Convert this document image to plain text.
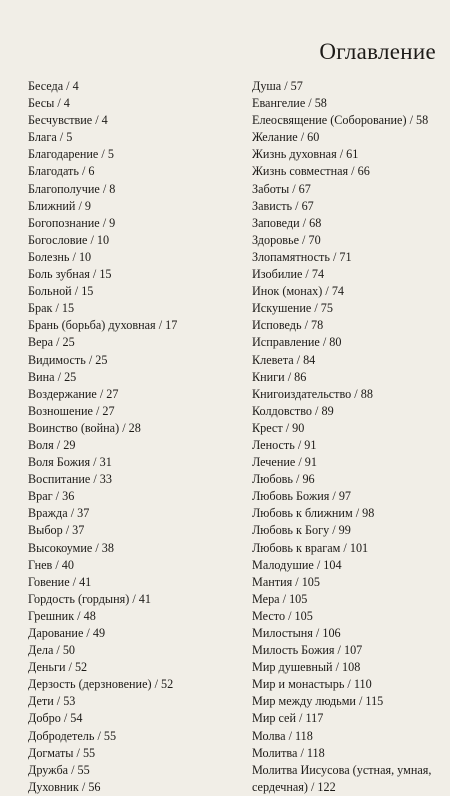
Оглавление
Беседа / 4
Бесы / 4
Бесчувствие / 4
Блага / 5
Благодарение / 5
Благодать / 6
Благополучие / 8
Ближний / 9
Богопознание / 9
Богословие / 10
Болезнь / 10
Боль зубная / 15
Больной / 15
Брак / 15
Брань (борьба) духовная / 17
Вера / 25
Видимость / 25
Вина / 25
Воздержание / 27
Возношение / 27
Воинство (война) / 28
Воля / 29
Воля Божия / 31
Воспитание / 33
Враг / 36
Вражда / 37
Выбор / 37
Высокоумие / 38
Гнев / 40
Говение / 41
Гордость (гордыня) / 41
Грешник / 48
Дарование / 49
Дела / 50
Деньги / 52
Дерзость (дерзновение) / 52
Дети / 53
Добро / 54
Добродетель / 55
Догматы / 55
Дружба / 55
Духовник / 56
Душа / 57
Евангелие / 58
Елеосвящение (Соборование) / 58
Желание / 60
Жизнь духовная / 61
Жизнь совместная / 66
Заботы / 67
Зависть / 67
Заповеди / 68
Здоровье / 70
Злопамятность / 71
Изобилие / 74
Инок (монах) / 74
Искушение / 75
Исповедь / 78
Исправление / 80
Клевета / 84
Книги / 86
Книгоиздательство / 88
Колдовство / 89
Крест / 90
Леность / 91
Лечение / 91
Любовь / 96
Любовь Божия / 97
Любовь к ближним / 98
Любовь к Богу / 99
Любовь к врагам / 101
Малодушие / 104
Мантия / 105
Мера / 105
Место / 105
Милостыня / 106
Милость Божия / 107
Мир душевный / 108
Мир и монастырь / 110
Мир между людьми / 115
Мир сей / 117
Молва / 118
Молитва / 118
Молитва Иисусова (устная, умная, сердечная) / 122
